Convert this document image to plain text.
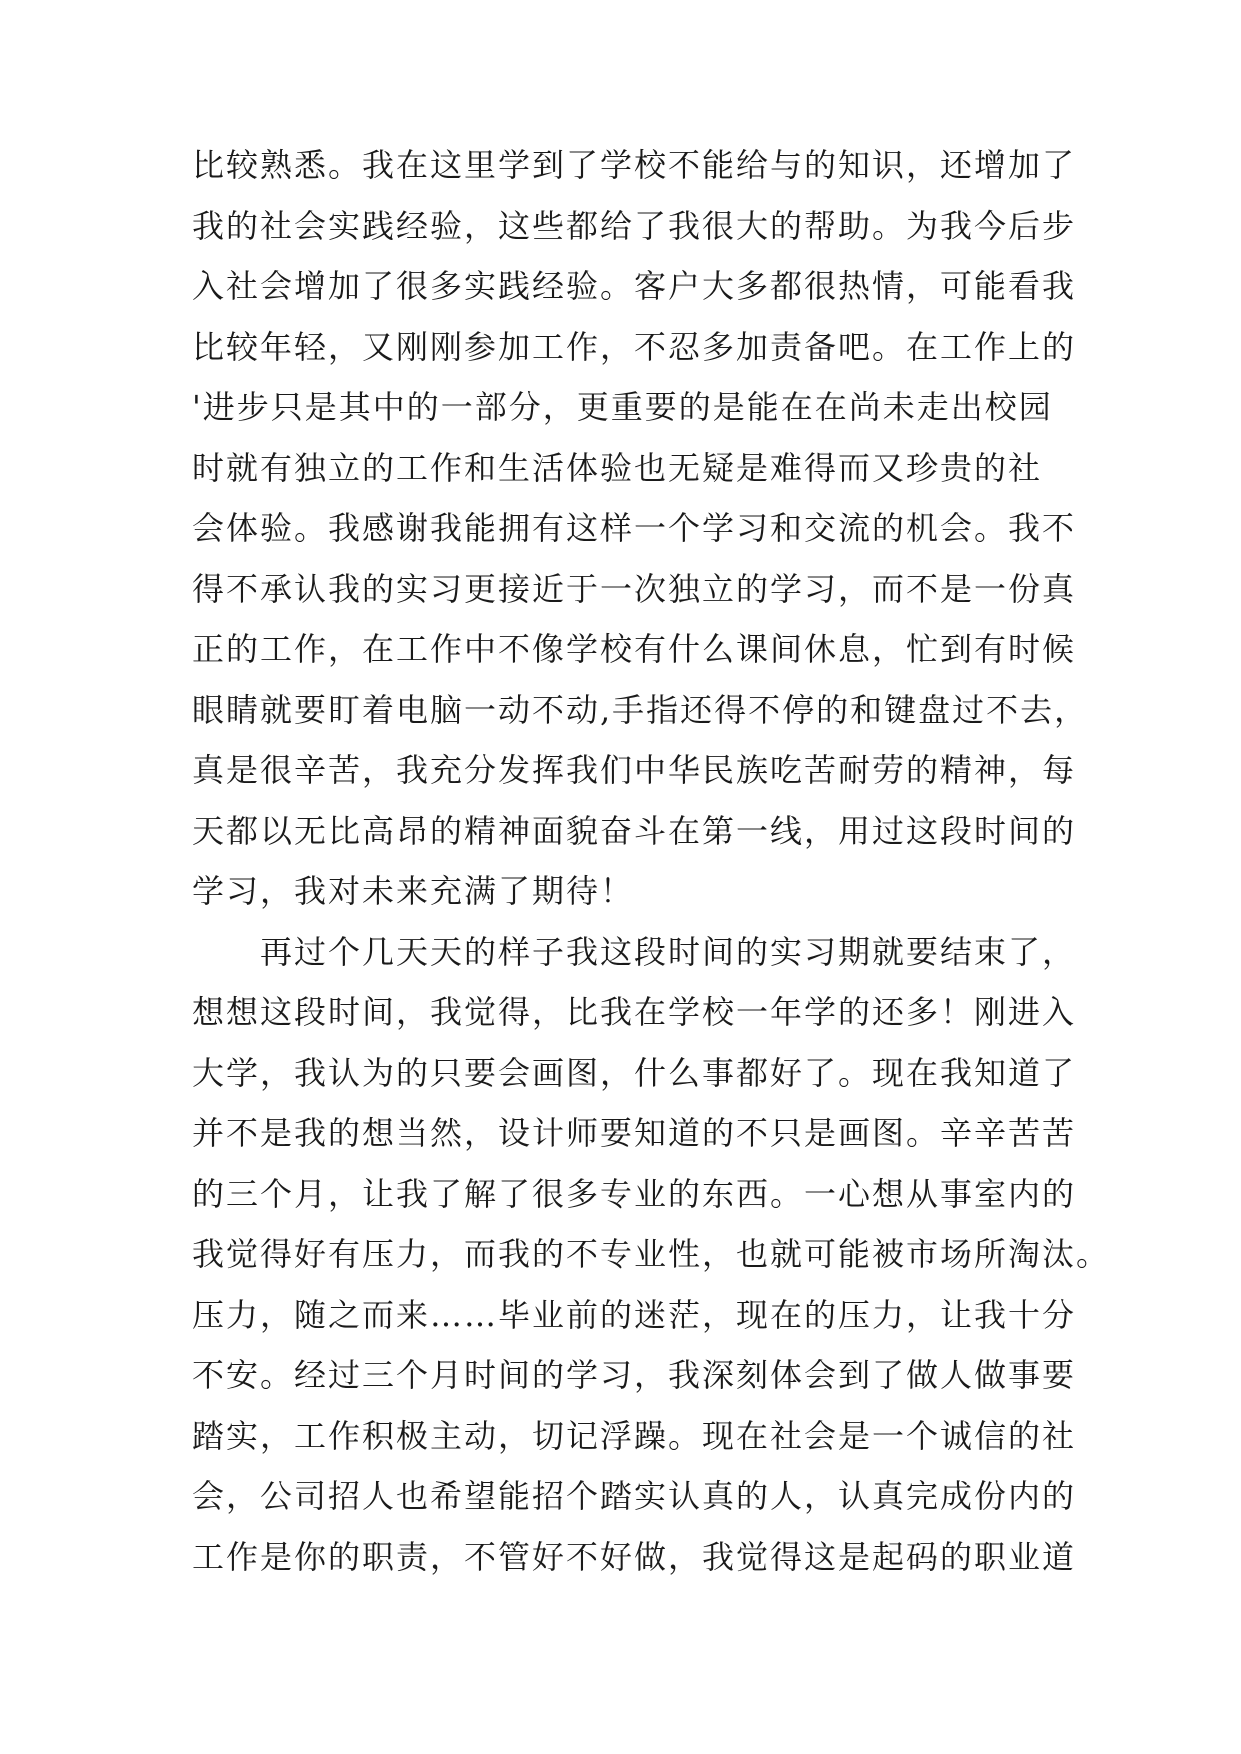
比较熟悉。我在这里学到了学校不能给与的知识，还增加了
我的社会实践经验，这些都给了我很大的帮助。为我今后步
入社会增加了很多实践经验。客户大多都很热情，可能看我
比较年轻，又刚刚参加工作，不忍多加责备吧。在工作上的
'进步只是其中的一部分，更重要的是能在在尚未走出校园
时就有独立的工作和生活体验也无疑是难得而又珍贵的社
会体验。我感谢我能拥有这样一个学习和交流的机会。我不
得不承认我的实习更接近于一次独立的学习，而不是一份真
正的工作，在工作中不像学校有什么课间休息，忙到有时候
眼睛就要盯着电脑一动不动,手指还得不停的和键盘过不去，
真是很辛苦，我充分发挥我们中华民族吃苦耐劳的精神，每
天都以无比高昂的精神面貌奋斗在第一线，用过这段时间的
学习，我对未来充满了期待！
再过个几天天的样子我这段时间的实习期就要结束了，
想想这段时间，我觉得，比我在学校一年学的还多！刚进入
大学，我认为的只要会画图，什么事都好了。现在我知道了
并不是我的想当然，设计师要知道的不只是画图。辛辛苦苦
的三个月，让我了解了很多专业的东西。一心想从事室内的
我觉得好有压力，而我的不专业性，也就可能被市场所淘汰。
压力，随之而来……毕业前的迷茫，现在的压力，让我十分
不安。经过三个月时间的学习，我深刻体会到了做人做事要
踏实，工作积极主动，切记浮躁。现在社会是一个诚信的社
会，公司招人也希望能招个踏实认真的人，认真完成份内的
工作是你的职责，不管好不好做，我觉得这是起码的职业道
